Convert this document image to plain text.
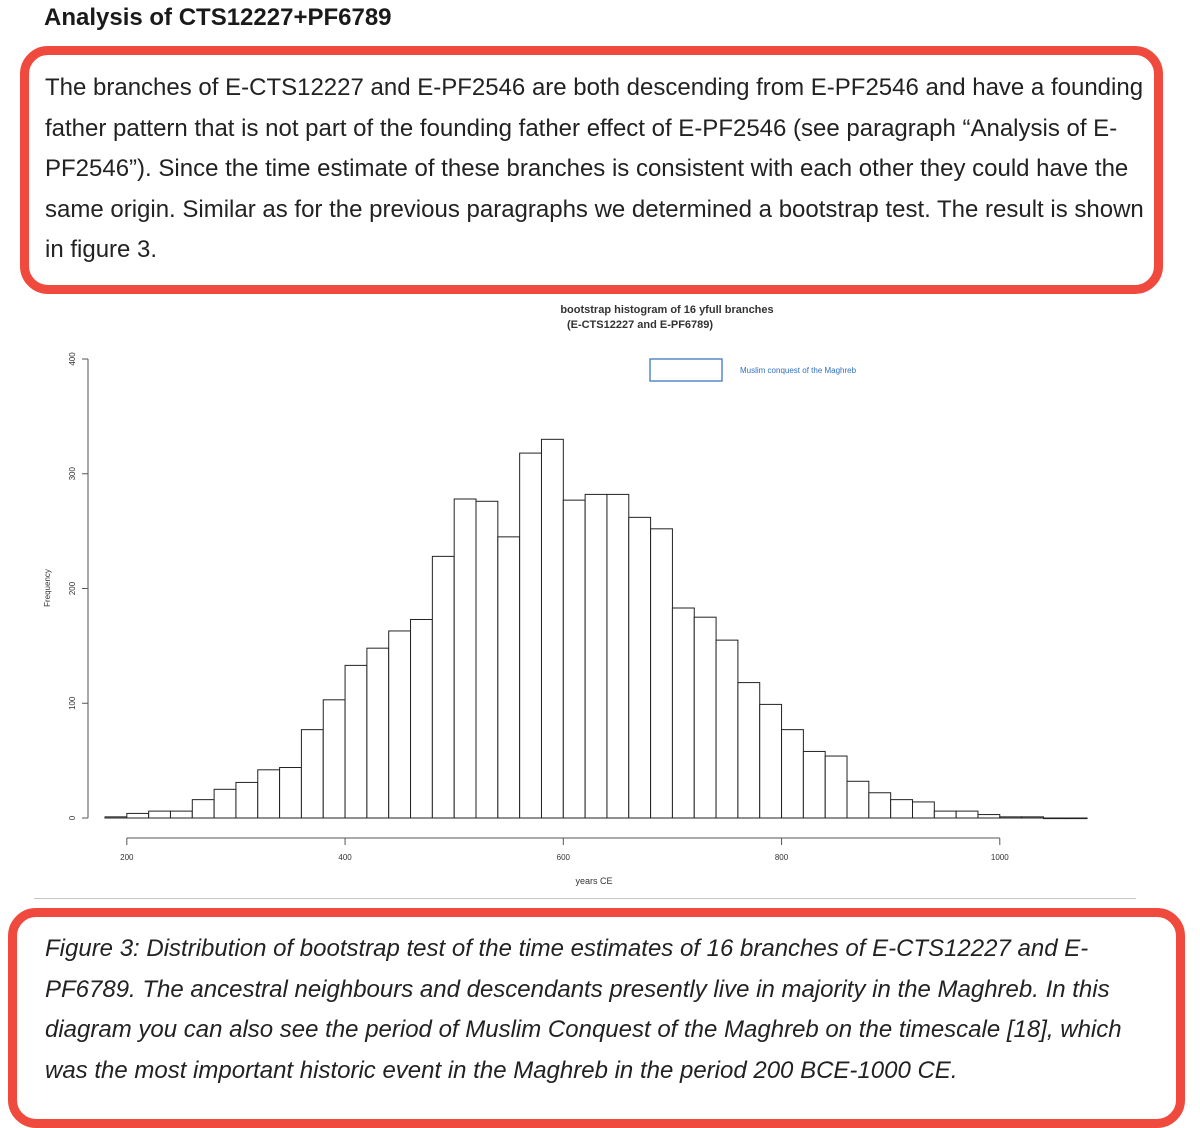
Analysis of CTS12227+PF6789

The branches of E-CTS12227 and E-PF2546 are both descending from E-PF2546 and have a founding father pattern that is not part of the founding father effect of E-PF2546 (see paragraph “Analysis of E-PF2546”). Since the time estimate of these branches is consistent with each other they could have the same origin. Similar as for the previous paragraphs we determined a bootstrap test. The result is shown in figure 3.

bootstrap histogram of 16 yfull branches
(E-CTS12227 and E-PF6789)
Muslim conquest of the Maghreb
Frequency
years CE
200	400	600	800	1000
0
100
200
300
400

Figure 3: Distribution of bootstrap test of the time estimates of 16 branches of E-CTS12227 and E-PF6789. The ancestral neighbours and descendants presently live in majority in the Maghreb. In this diagram you can also see the period of Muslim Conquest of the Maghreb on the timescale [18], which was the most important historic event in the Maghreb in the period 200 BCE-1000 CE.
